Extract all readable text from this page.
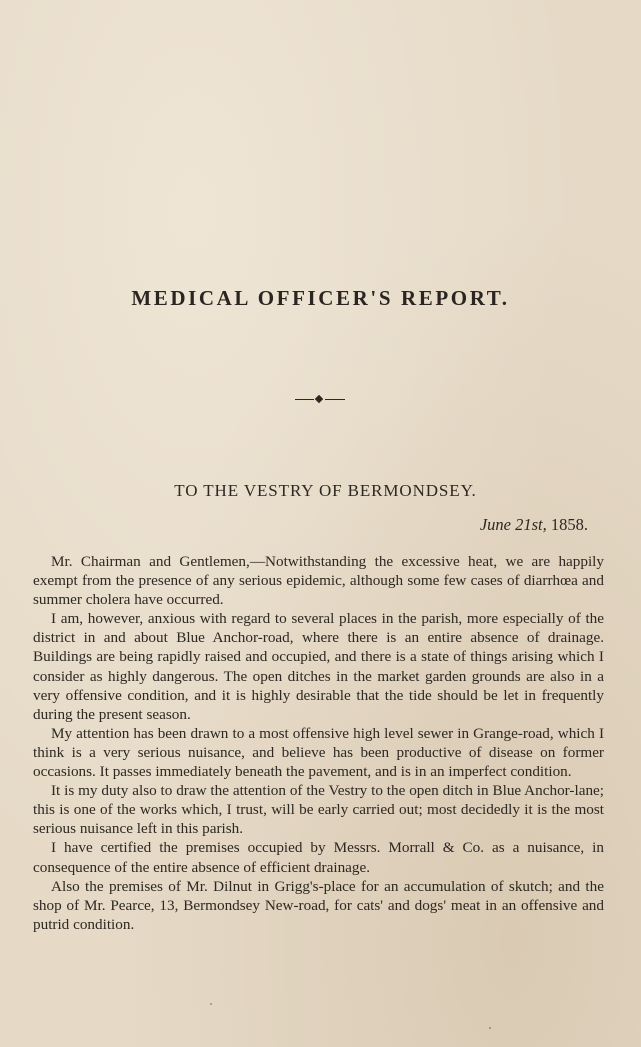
MEDICAL OFFICER'S REPORT.
TO THE VESTRY OF BERMONDSEY.
June 21st, 1858.

Mr. Chairman and Gentlemen,—Notwithstanding the excessive heat, we are happily exempt from the presence of any serious epidemic, although some few cases of diarrhœa and summer cholera have occurred.

I am, however, anxious with regard to several places in the parish, more especially of the district in and about Blue Anchor-road, where there is an entire absence of drainage. Buildings are being rapidly raised and occupied, and there is a state of things arising which I consider as highly dangerous. The open ditches in the market garden grounds are also in a very offensive condition, and it is highly desirable that the tide should be let in frequently during the present season.

My attention has been drawn to a most offensive high level sewer in Grange-road, which I think is a very serious nuisance, and believe has been productive of disease on former occasions. It passes immediately beneath the pavement, and is in an imperfect condition.

It is my duty also to draw the attention of the Vestry to the open ditch in Blue Anchor-lane; this is one of the works which, I trust, will be early carried out; most decidedly it is the most serious nuisance left in this parish.

I have certified the premises occupied by Messrs. Morrall & Co. as a nuisance, in consequence of the entire absence of efficient drainage.

Also the premises of Mr. Dilnut in Grigg's-place for an accumulation of skutch; and the shop of Mr. Pearce, 13, Bermondsey New-road, for cats' and dogs' meat in an offensive and putrid condition.
